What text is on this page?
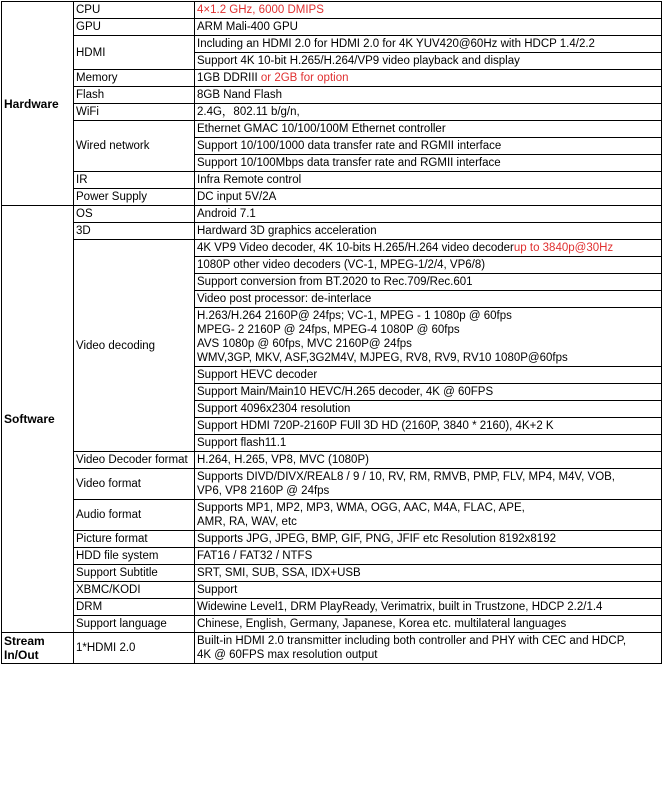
Hardware	CPU	4×1.2 GHz, 6000 DMIPS

	GPU	ARM Mali-400 GPU

	HDMI	Including an HDMI 2.0 for HDMI 2.0 for 4K YUV420@60Hz with HDCP 1.4/2.2

		Support 4K 10-bit H.265/H.264/VP9 video playback and display

	Memory	1GB DDRIII or 2GB for option

	Flash	8GB Nand Flash

	WiFi	2.4G，802.11 b/g/n,

	Wired network	Ethernet GMAC 10/100/100M Ethernet controller

		Support 10/100/1000 data transfer rate and RGMII interface

		Support 10/100Mbps data transfer rate and RGMII interface

	IR	Infra Remote control

	Power Supply	DC input 5V/2A

Software	OS	Android 7.1

	3D	Hardward 3D graphics acceleration

	Video decoding	4K VP9 Video decoder, 4K 10-bits H.265/H.264 video decoderup to 3840p@30Hz

		1080P other video decoders (VC-1, MPEG-1/2/4, VP6/8)

		Support conversion from BT.2020 to Rec.709/Rec.601

		Video post processor: de-interlace

		H.263/H.264 2160P@ 24fps; VC-1, MPEG - 1 1080p @ 60fps
MPEG- 2 2160P @ 24fps, MPEG-4 1080P @ 60fps
AVS 1080p @ 60fps, MVC 2160P@ 24fps
WMV,3GP, MKV, ASF,3G2M4V, MJPEG, RV8, RV9, RV10 1080P@60fps

		Support HEVC decoder

		Support Main/Main10 HEVC/H.265 decoder, 4K @ 60FPS

		Support 4096x2304 resolution

		Support HDMI 720P-2160P FUll 3D HD (2160P, 3840 * 2160), 4K+2 K

		Support flash11.1

	Video Decoder format	H.264, H.265, VP8, MVC (1080P)

	Video format	Supports DIVD/DIVX/REAL8 / 9 / 10, RV, RM, RMVB, PMP, FLV, MP4, M4V, VOB,
VP6, VP8 2160P @ 24fps

	Audio format	Supports MP1, MP2, MP3, WMA, OGG, AAC, M4A, FLAC, APE,
AMR, RA, WAV, etc

	Picture format	Supports JPG, JPEG, BMP, GIF, PNG, JFIF etc Resolution 8192x8192

	HDD file system	FAT16 / FAT32 / NTFS

	Support Subtitle	SRT, SMI, SUB, SSA, IDX+USB

	XBMC/KODI	Support

	DRM	Widewine Level1, DRM PlayReady, Verimatrix, built in Trustzone, HDCP 2.2/1.4

	Support language	Chinese, English, Germany, Japanese, Korea etc. multilateral languages

Stream
In/Out	1*HDMI 2.0	Built-in HDMI 2.0 transmitter including both controller and PHY with CEC and HDCP,
4K @ 60FPS max resolution output
